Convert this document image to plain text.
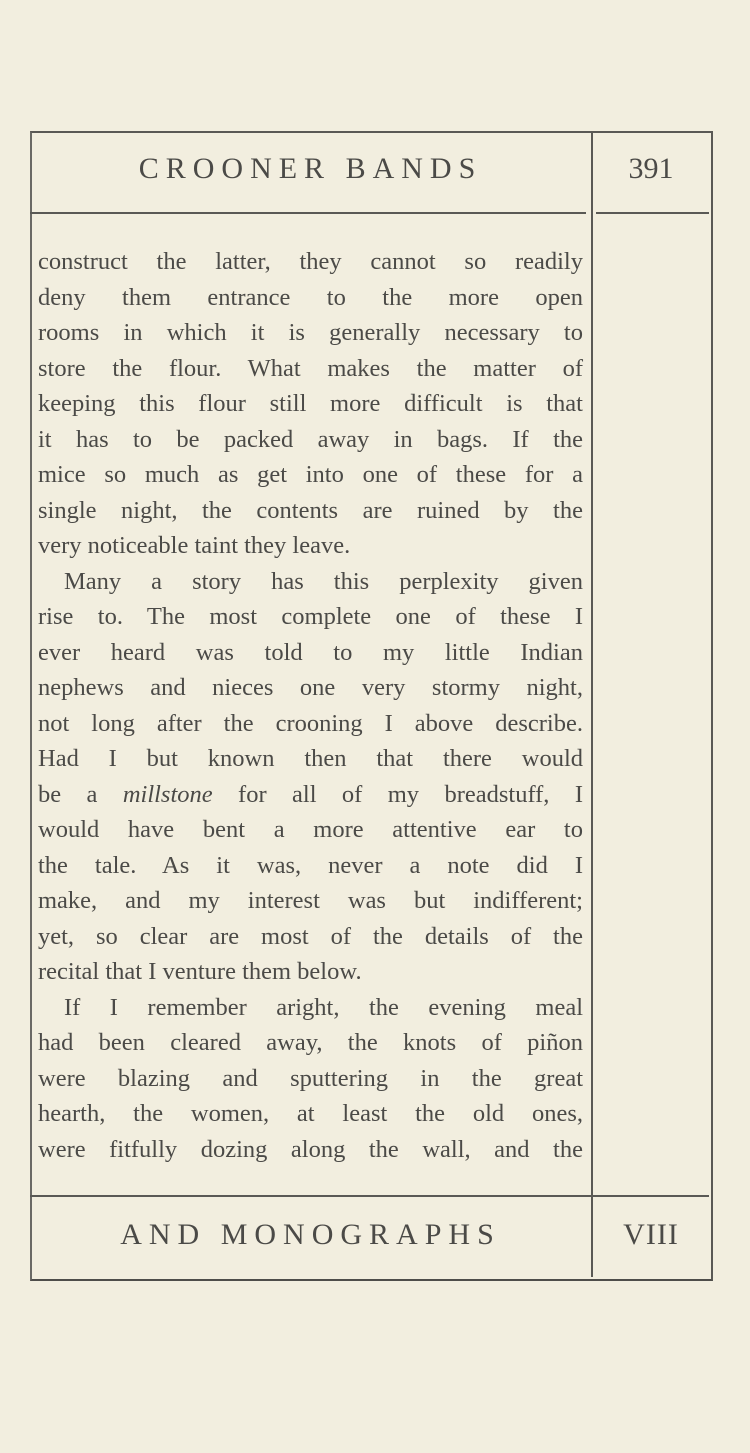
CROONER BANDS	391
construct the latter, they cannot so readily
deny them entrance to the more open
rooms in which it is generally necessary to
store the flour. What makes the matter of
keeping this flour still more difficult is that
it has to be packed away in bags. If the
mice so much as get into one of these for a
single night, the contents are ruined by the
very noticeable taint they leave.
Many a story has this perplexity given
rise to. The most complete one of these I
ever heard was told to my little Indian
nephews and nieces one very stormy night,
not long after the crooning I above describe.
Had I but known then that there would
be a millstone for all of my breadstuff, I
would have bent a more attentive ear to
the tale. As it was, never a note did I
make, and my interest was but indifferent;
yet, so clear are most of the details of the
recital that I venture them below.
If I remember aright, the evening meal
had been cleared away, the knots of piñon
were blazing and sputtering in the great
hearth, the women, at least the old ones,
were fitfully dozing along the wall, and the
AND MONOGRAPHS	VIII
